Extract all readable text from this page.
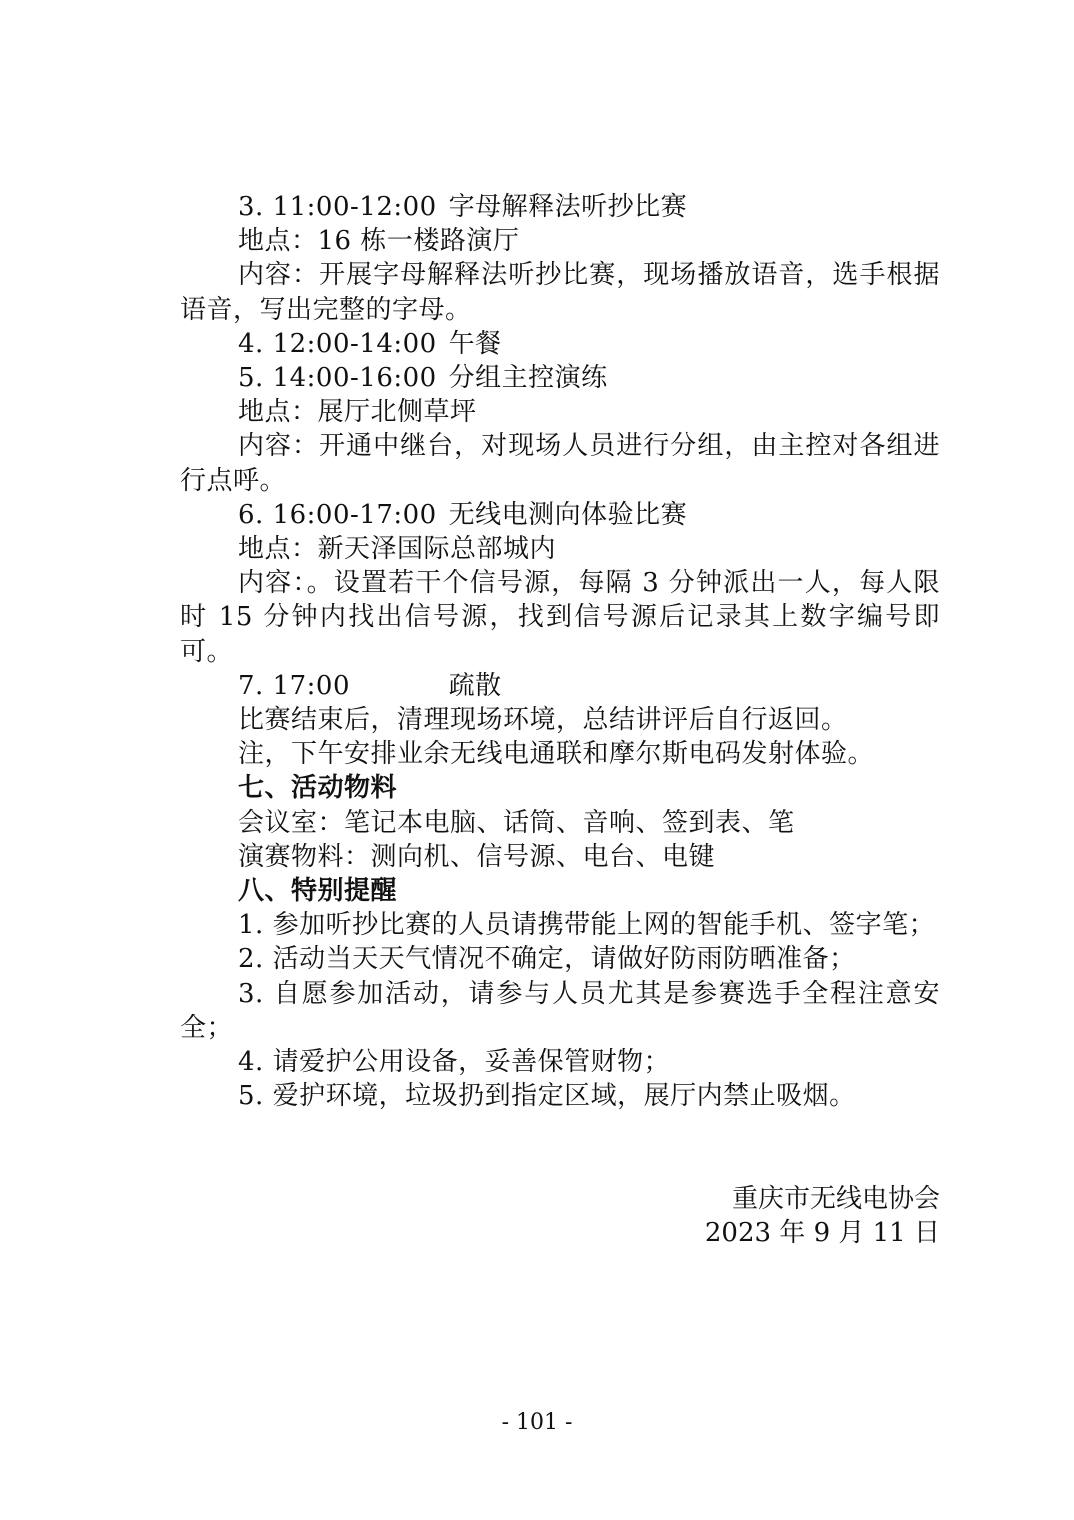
3. 11:00-12:00 字母解释法听抄比赛

地点：16 栋一楼路演厅

内容：开展字母解释法听抄比赛，现场播放语音，选手根据语音，写出完整的字母。

4. 12:00-14:00 午餐
5. 14:00-16:00 分组主控演练

地点：展厅北侧草坪

内容：开通中继台，对现场人员进行分组，由主控对各组进行点呼。

6. 16:00-17:00 无线电测向体验比赛

地点：新天泽国际总部城内

内容：。设置若干个信号源，每隔 3 分钟派出一人，每人限时 15 分钟内找出信号源，找到信号源后记录其上数字编号即可。

7. 17:00	疏散

比赛结束后，清理现场环境，总结讲评后自行返回。

注，下午安排业余无线电通联和摩尔斯电码发射体验。

七、活动物料

会议室：笔记本电脑、话筒、音响、签到表、笔

演赛物料：测向机、信号源、电台、电键

八、特别提醒

1. 参加听抄比赛的人员请携带能上网的智能手机、签字笔；

2. 活动当天天气情况不确定，请做好防雨防晒准备；

3. 自愿参加活动，请参与人员尤其是参赛选手全程注意安全；

4. 请爱护公用设备，妥善保管财物；

5. 爱护环境，垃圾扔到指定区域，展厅内禁止吸烟。

重庆市无线电协会
2023 年 9 月 11 日
- 101 -
